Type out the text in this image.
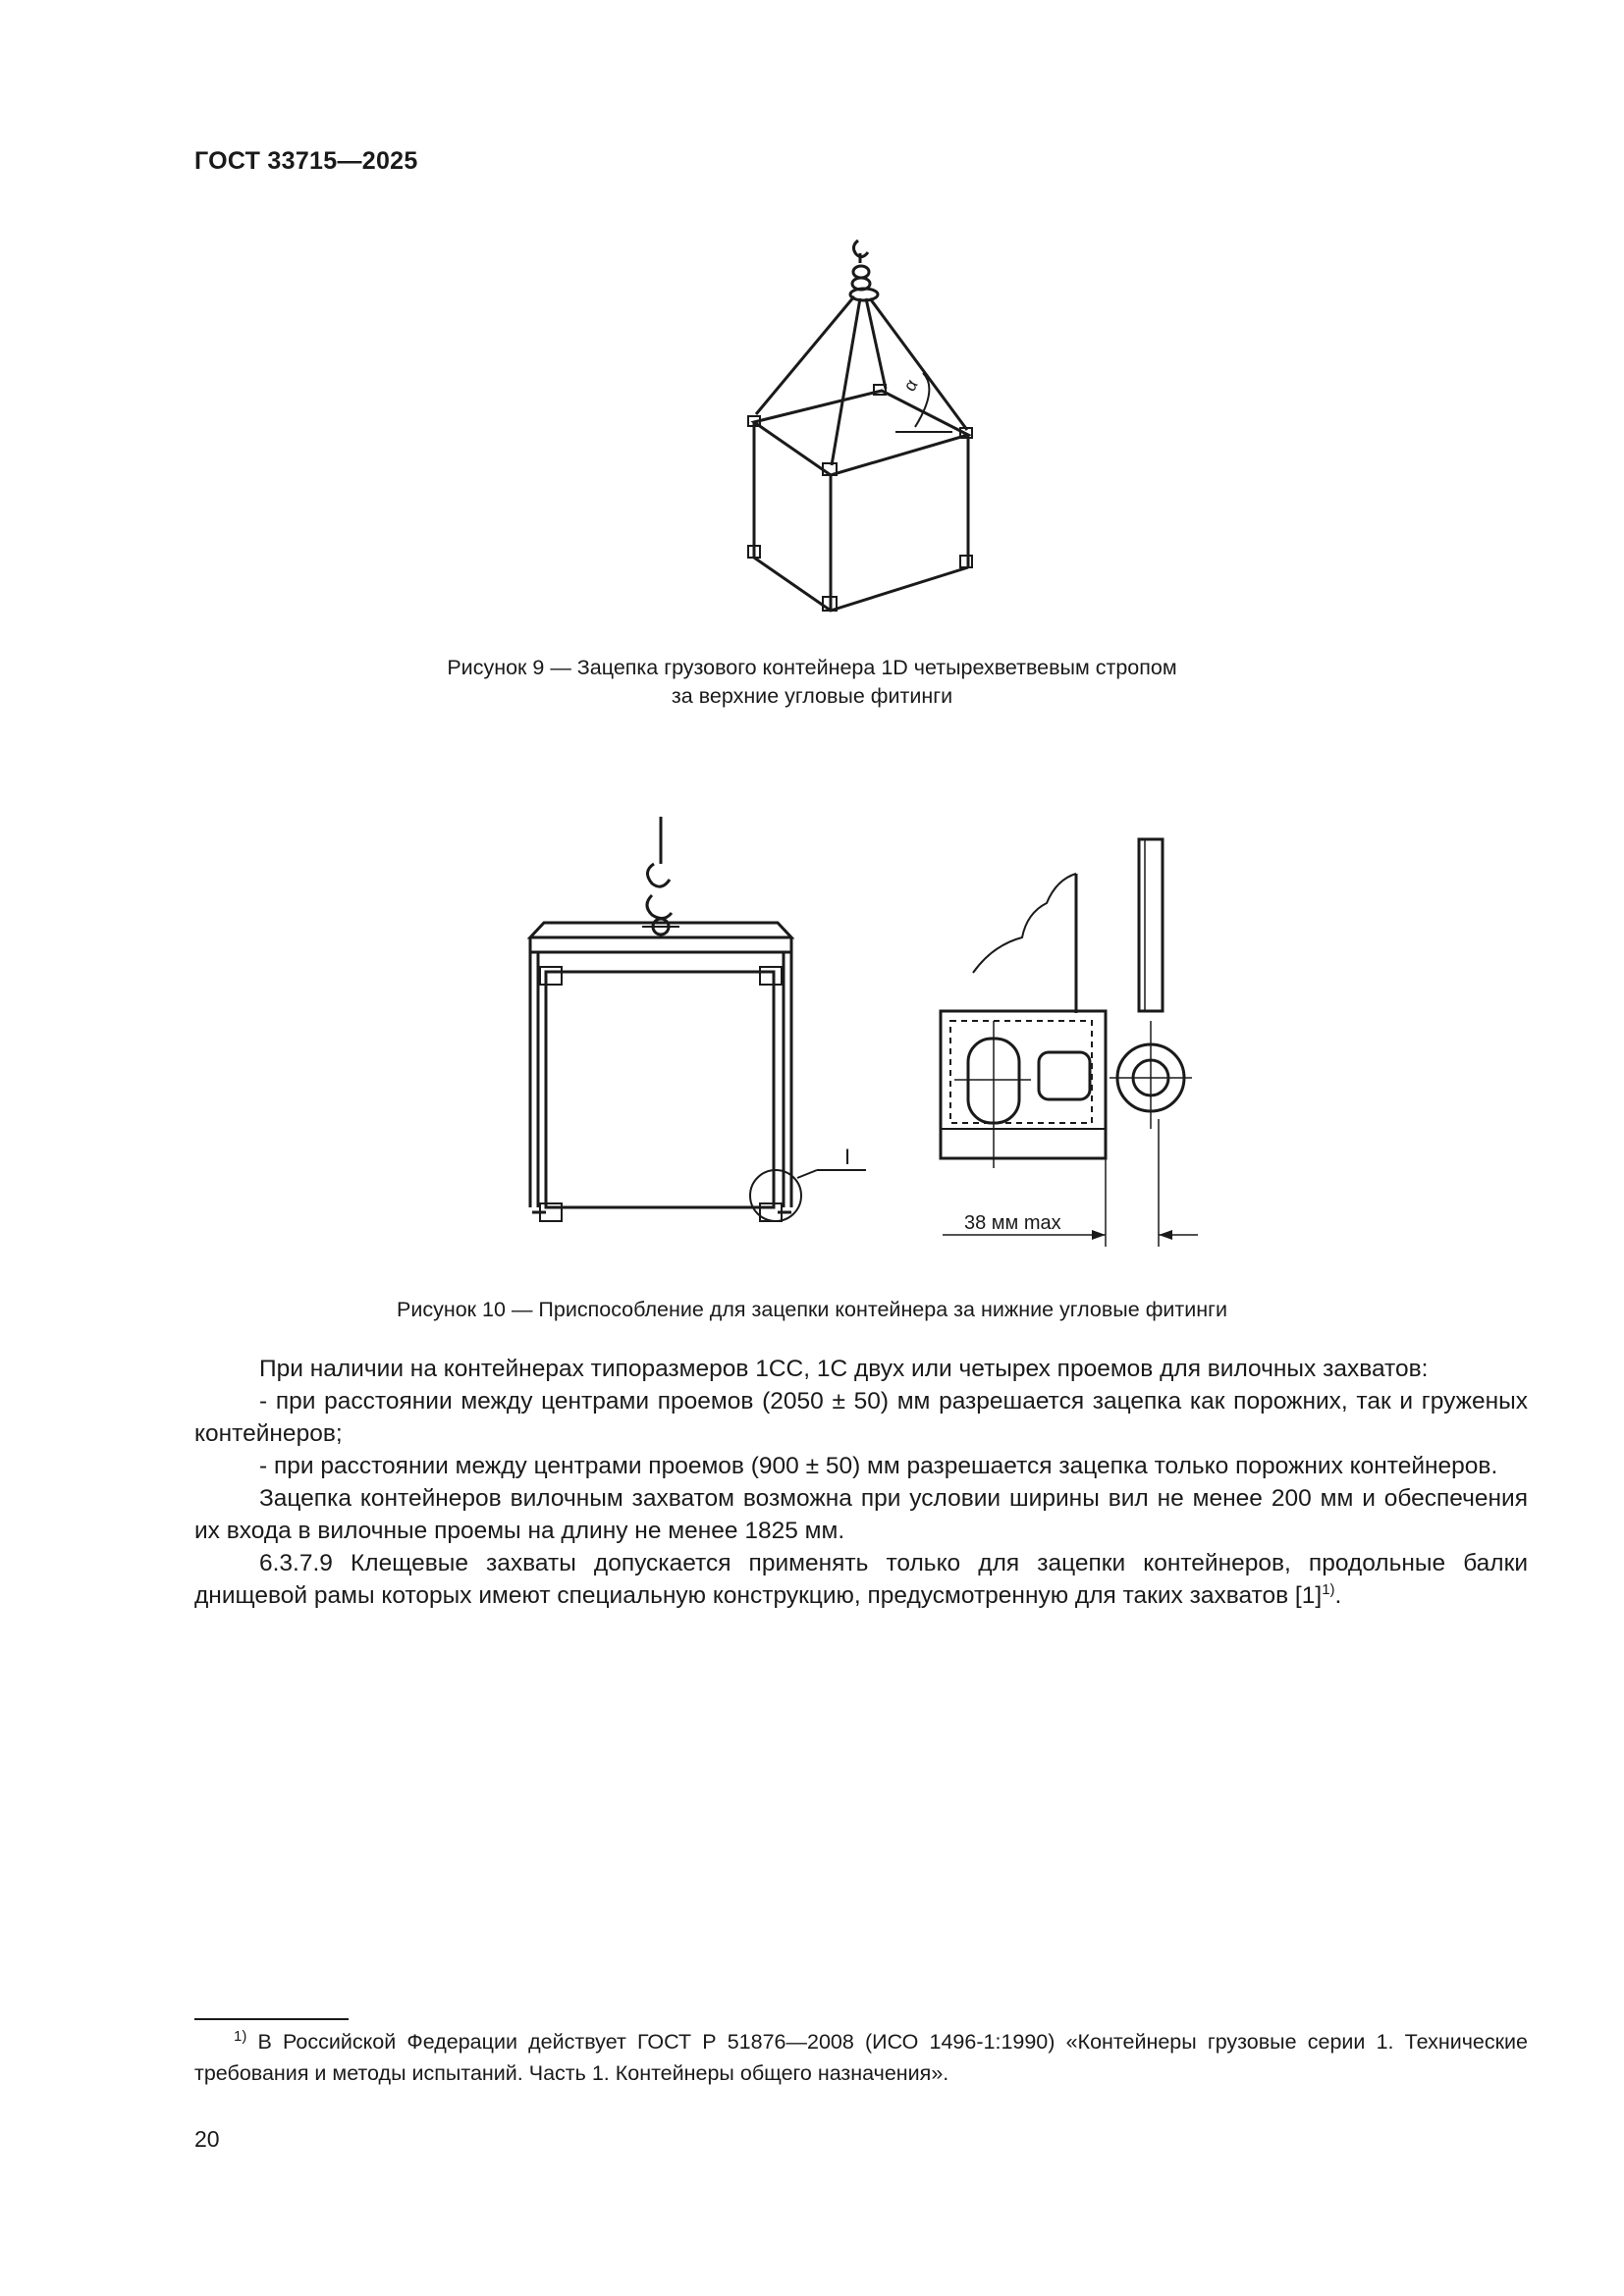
ГОСТ 33715—2025
α
Рисунок 9 — Зацепка грузового контейнера 1D четырехветвевым стропом
за верхние угловые фитинги
I
38 мм max
Рисунок 10 — Приспособление для зацепки контейнера за нижние угловые фитинги

При наличии на контейнерах типоразмеров 1СС, 1С двух или четырех проемов для вилочных захватов:

- при расстоянии между центрами проемов (2050 ± 50) мм разрешается зацепка как порожних, так и груженых контейнеров;

- при расстоянии между центрами проемов (900 ± 50) мм разрешается зацепка только порожних контейнеров.

Зацепка контейнеров вилочным захватом возможна при условии ширины вил не менее 200 мм и обеспечения их входа в вилочные проемы на длину не менее 1825 мм.

6.3.7.9 Клещевые захваты допускается применять только для зацепки контейнеров, продольные балки днищевой рамы которых имеют специальную конструкцию, предусмотренную для таких захватов $[1]^{1)}$.

$^{1)}$ В Российской Федерации действует ГОСТ Р 51876—2008 (ИСО 1496-1:1990) «Контейнеры грузовые серии 1. Технические требования и методы испытаний. Часть 1. Контейнеры общего назначения».
20
